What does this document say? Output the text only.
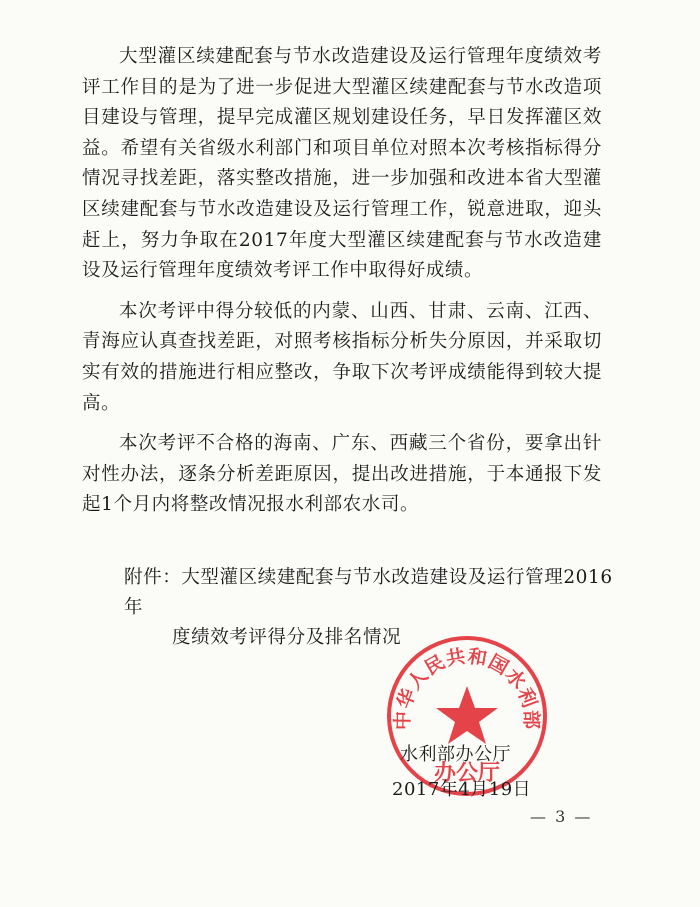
大型灌区续建配套与节水改造建设及运行管理年度绩效考评工作目的是为了进一步促进大型灌区续建配套与节水改造项目建设与管理，提早完成灌区规划建设任务，早日发挥灌区效益。希望有关省级水利部门和项目单位对照本次考核指标得分情况寻找差距，落实整改措施，进一步加强和改进本省大型灌区续建配套与节水改造建设及运行管理工作，锐意进取，迎头赶上，努力争取在2017年度大型灌区续建配套与节水改造建设及运行管理年度绩效考评工作中取得好成绩。

本次考评中得分较低的内蒙、山西、甘肃、云南、江西、青海应认真查找差距，对照考核指标分析失分原因，并采取切实有效的措施进行相应整改，争取下次考评成绩能得到较大提高。

本次考评不合格的海南、广东、西藏三个省份，要拿出针对性办法，逐条分析差距原因，提出改进措施，于本通报下发起1个月内将整改情况报水利部农水司。

附件：大型灌区续建配套与节水改造建设及运行管理2016年
度绩效考评得分及排名情况
中华人民共和国水利部
办公厅
水利部办公厅
2017年4月19日
— 3 —
